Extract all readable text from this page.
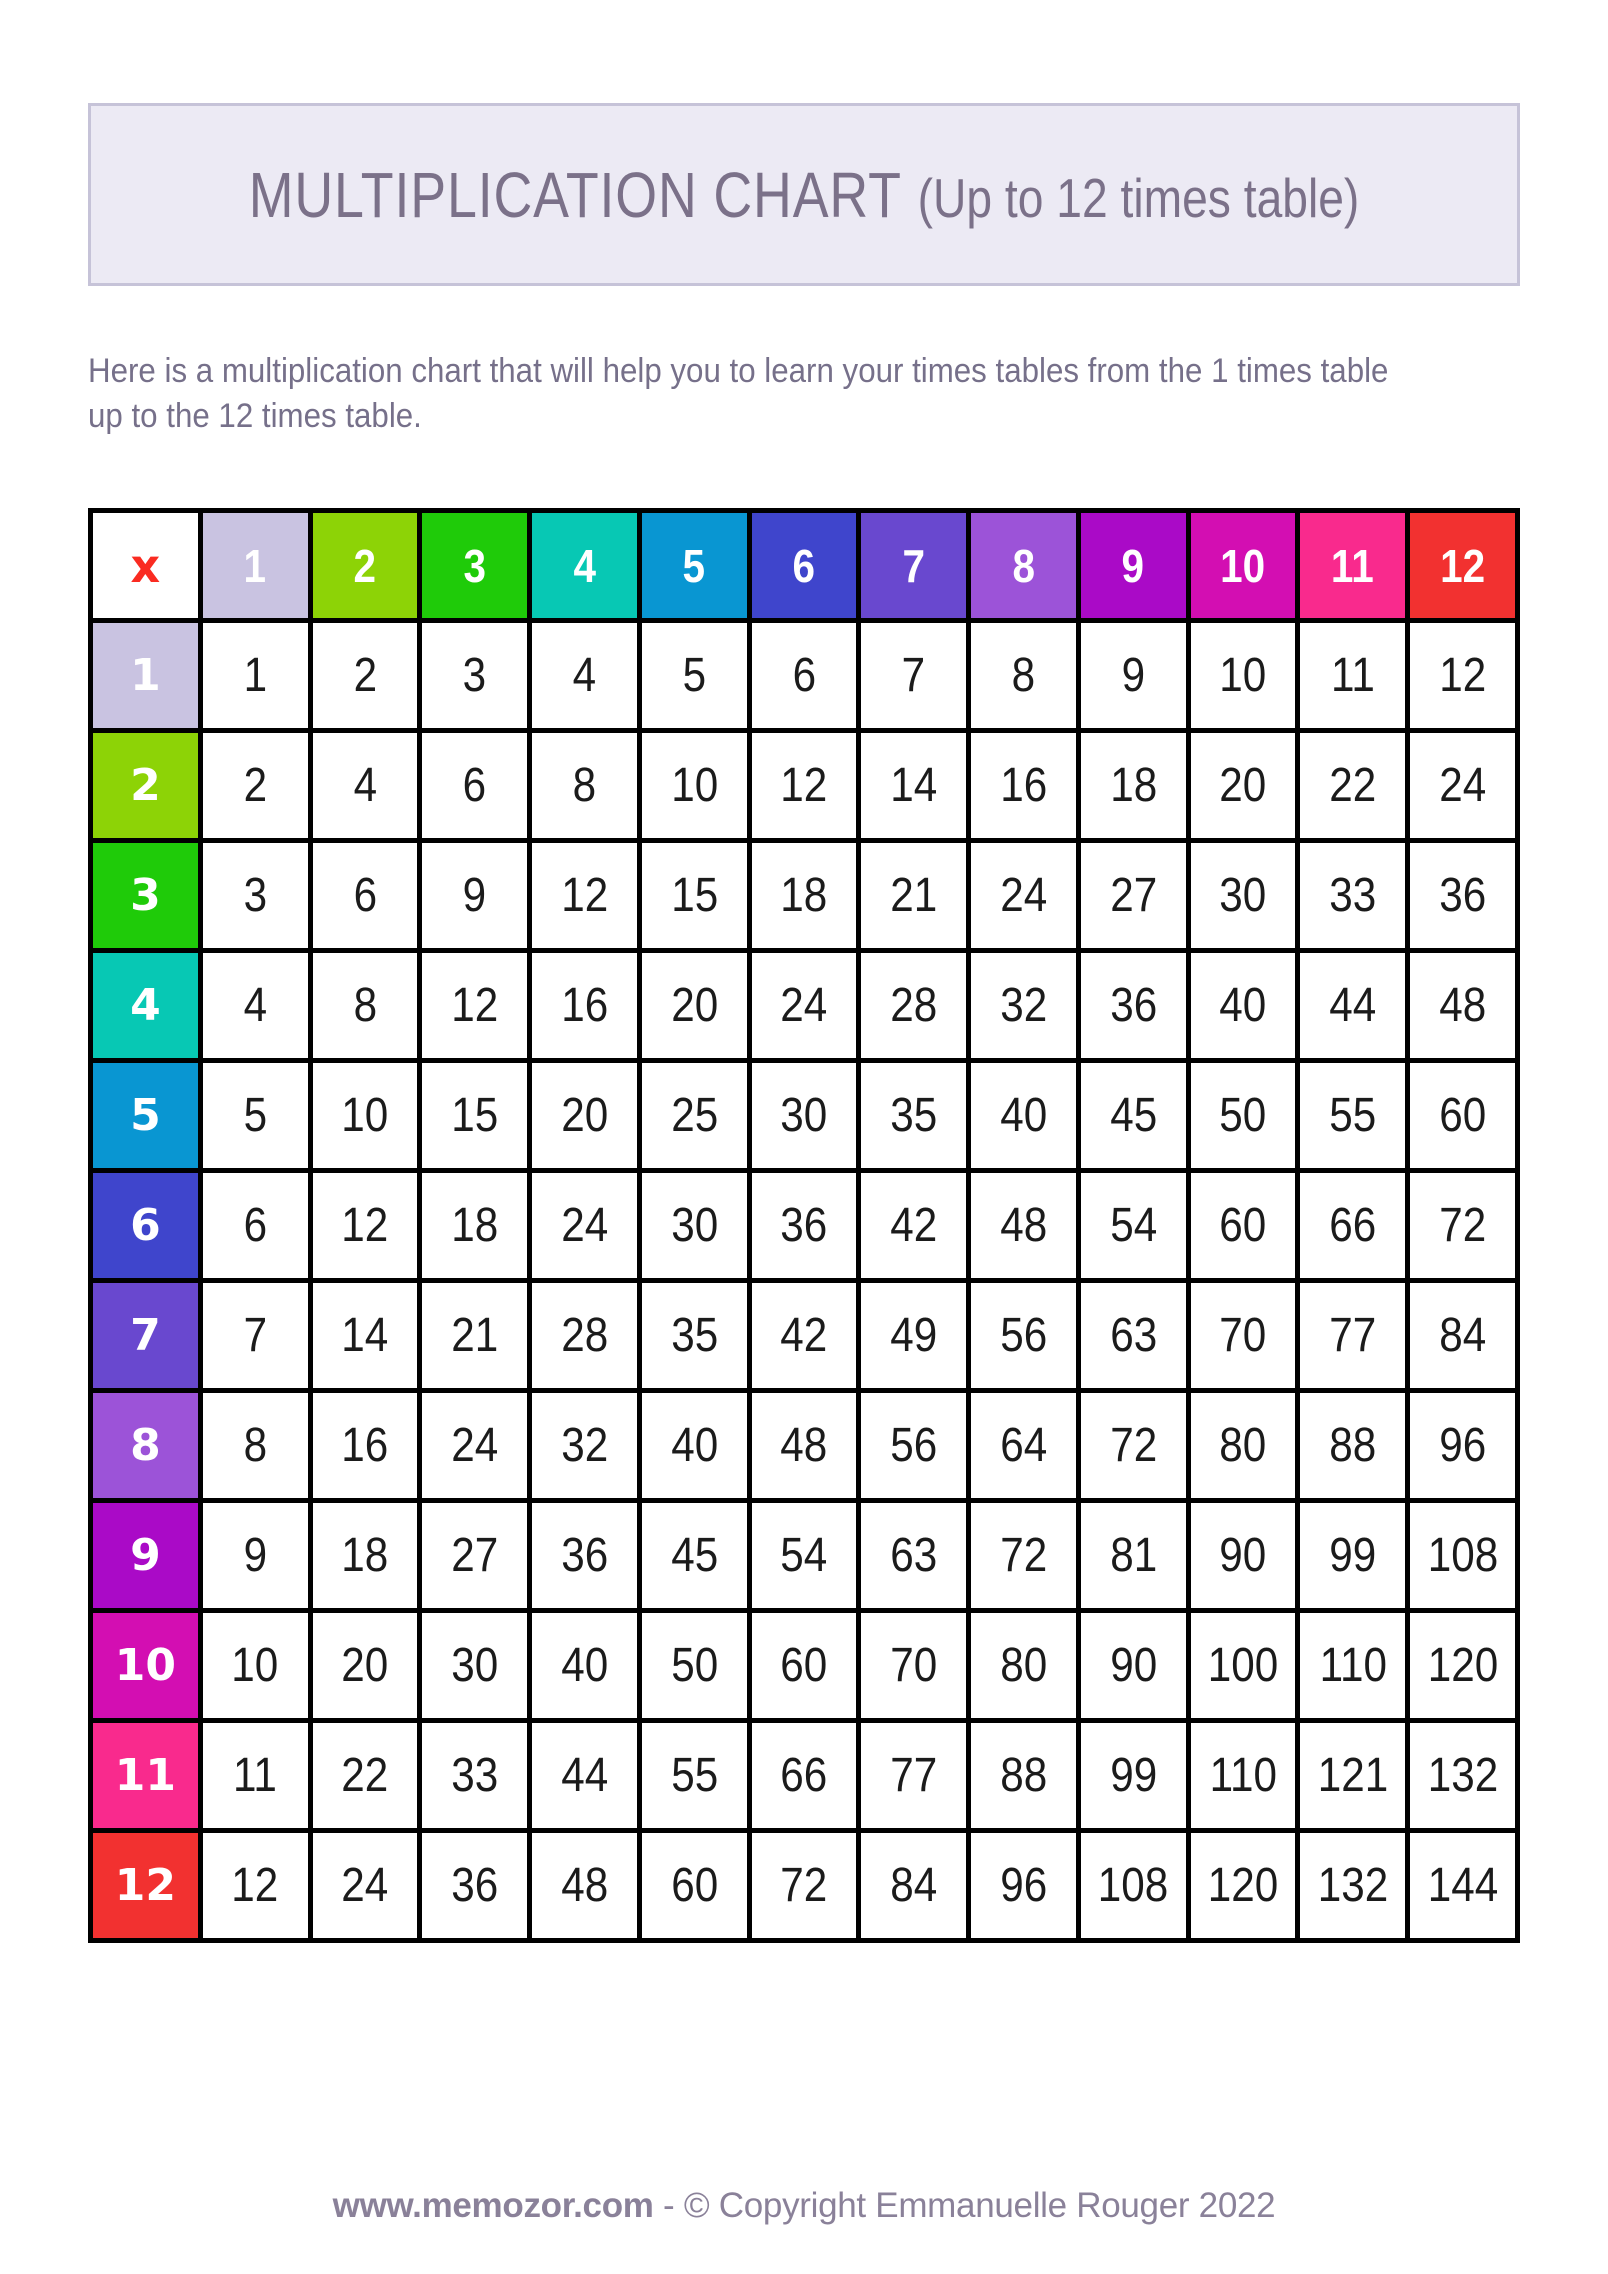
MULTIPLICATION CHART (Up to 12 times table)

Here is a multiplication chart that will help you to learn your times tables from the 1 times table
up to the 12 times table.

x	1	2	3	4	5	6	7	8	9	10	11	12
1	1	2	3	4	5	6	7	8	9	10	11	12
2	2	4	6	8	10	12	14	16	18	20	22	24
3	3	6	9	12	15	18	21	24	27	30	33	36
4	4	8	12	16	20	24	28	32	36	40	44	48
5	5	10	15	20	25	30	35	40	45	50	55	60
6	6	12	18	24	30	36	42	48	54	60	66	72
7	7	14	21	28	35	42	49	56	63	70	77	84
8	8	16	24	32	40	48	56	64	72	80	88	96
9	9	18	27	36	45	54	63	72	81	90	99	108
10	10	20	30	40	50	60	70	80	90	100	110	120
11	11	22	33	44	55	66	77	88	99	110	121	132
12	12	24	36	48	60	72	84	96	108	120	132	144
www.memozor.com - © Copyright Emmanuelle Rouger 2022
